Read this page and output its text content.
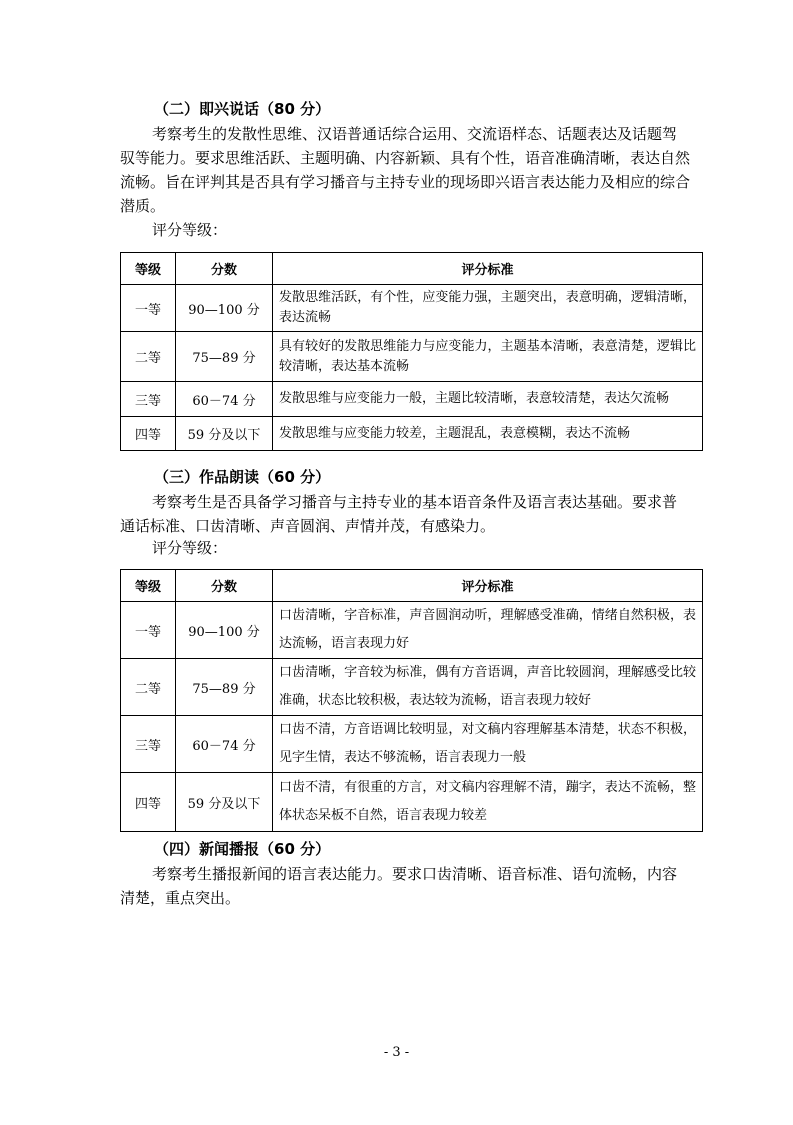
（二）即兴说话（80 分）

考察考生的发散性思维、汉语普通话综合运用、交流语样态、话题表达及话题驾驭等能力。要求思维活跃、主题明确、内容新颖、具有个性，语音准确清晰，表达自然流畅。旨在评判其是否具有学习播音与主持专业的现场即兴语言表达能力及相应的综合潜质。

评分等级：
等级	分数	评分标准
一等	90—100 分	发散思维活跃，有个性，应变能力强，主题突出，表意明确，逻辑清晰，表达流畅
二等	75—89 分	具有较好的发散思维能力与应变能力，主题基本清晰，表意清楚，逻辑比较清晰，表达基本流畅
三等	60－74 分	发散思维与应变能力一般，主题比较清晰，表意较清楚，表达欠流畅
四等	59 分及以下	发散思维与应变能力较差，主题混乱，表意模糊，表达不流畅
（三）作品朗读（60 分）

考察考生是否具备学习播音与主持专业的基本语音条件及语言表达基础。要求普通话标准、口齿清晰、声音圆润、声情并茂，有感染力。

评分等级：
等级	分数	评分标准
一等	90—100 分	口齿清晰，字音标准，声音圆润动听，理解感受准确，情绪自然积极，表达流畅，语言表现力好
二等	75—89 分	口齿清晰，字音较为标准，偶有方音语调，声音比较圆润，理解感受比较准确，状态比较积极，表达较为流畅，语言表现力较好
三等	60－74 分	口齿不清，方音语调比较明显，对文稿内容理解基本清楚，状态不积极，见字生情，表达不够流畅，语言表现力一般
四等	59 分及以下	口齿不清，有很重的方言，对文稿内容理解不清，蹦字，表达不流畅，整体状态呆板不自然，语言表现力较差
（四）新闻播报（60 分）

考察考生播报新闻的语言表达能力。要求口齿清晰、语音标准、语句流畅，内容清楚，重点突出。

- 3 -
